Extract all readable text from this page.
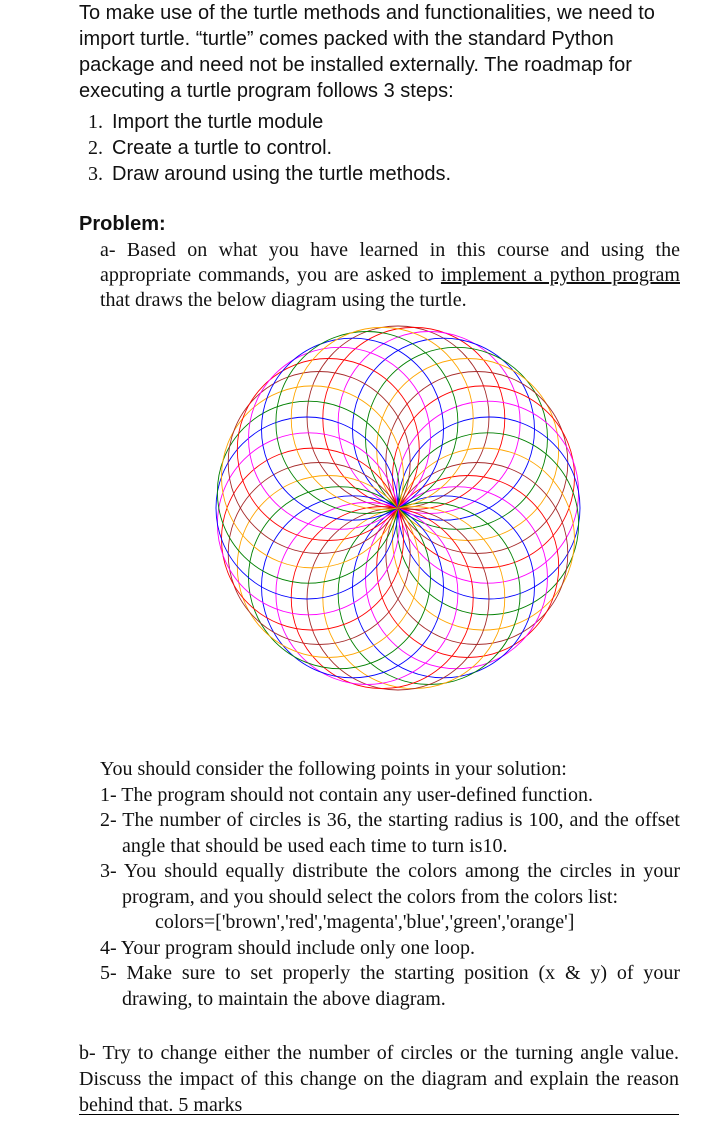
To make use of the turtle methods and functionalities, we need to import turtle. “turtle” comes packed with the standard Python package and need not be installed externally. The roadmap for executing a turtle program follows 3 steps:
1. Import the turtle module
2. Create a turtle to control.
3. Draw around using the turtle methods.
Problem:
a- Based on what you have learned in this course and using the appropriate commands, you are asked to implement a python program that draws the below diagram using the turtle.
You should consider the following points in your solution:
1- The program should not contain any user-defined function.
2- The number of circles is 36, the starting radius is 100, and the offset angle that should be used each time to turn is10.
3- You should equally distribute the colors among the circles in your program, and you should select the colors from the colors list:
colors=['brown','red','magenta','blue','green','orange']
4- Your program should include only one loop.
5- Make sure to set properly the starting position (x & y) of your drawing, to maintain the above diagram.
b- Try to change either the number of circles or the turning angle value. Discuss the impact of this change on the diagram and explain the reason behind that. 5 marks
